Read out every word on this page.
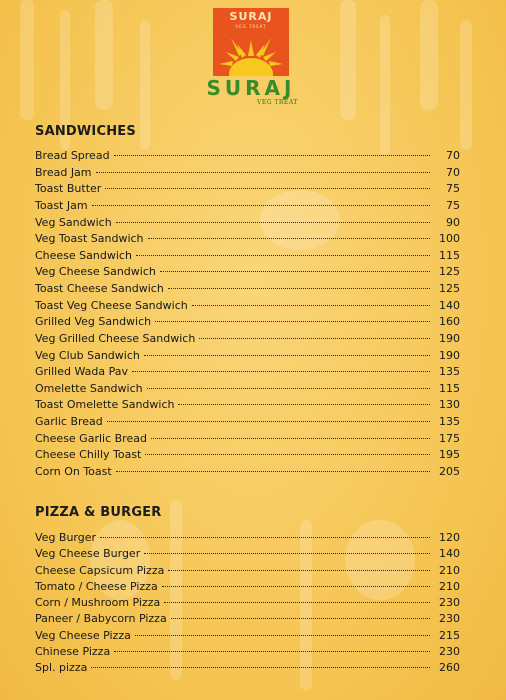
SURAJ
VEG TREAT
SURAJ
VEG TREAT
SANDWICHES
Bread Spread	70
Bread Jam	70
Toast Butter	75
Toast Jam	75
Veg Sandwich	90
Veg Toast Sandwich	100
Cheese Sandwich	115
Veg Cheese Sandwich	125
Toast Cheese Sandwich	125
Toast Veg Cheese Sandwich	140
Grilled Veg Sandwich	160
Veg Grilled Cheese Sandwich	190
Veg Club Sandwich	190
Grilled Wada Pav	135
Omelette Sandwich	115
Toast Omelette Sandwich	130
Garlic Bread	135
Cheese Garlic Bread	175
Cheese Chilly Toast	195
Corn On Toast	205
PIZZA & BURGER
Veg Burger	120
Veg Cheese Burger	140
Cheese Capsicum Pizza	210
Tomato / Cheese Pizza	210
Corn / Mushroom Pizza	230
Paneer / Babycorn Pizza	230
Veg Cheese Pizza	215
Chinese Pizza	230
Spl. pizza	260
